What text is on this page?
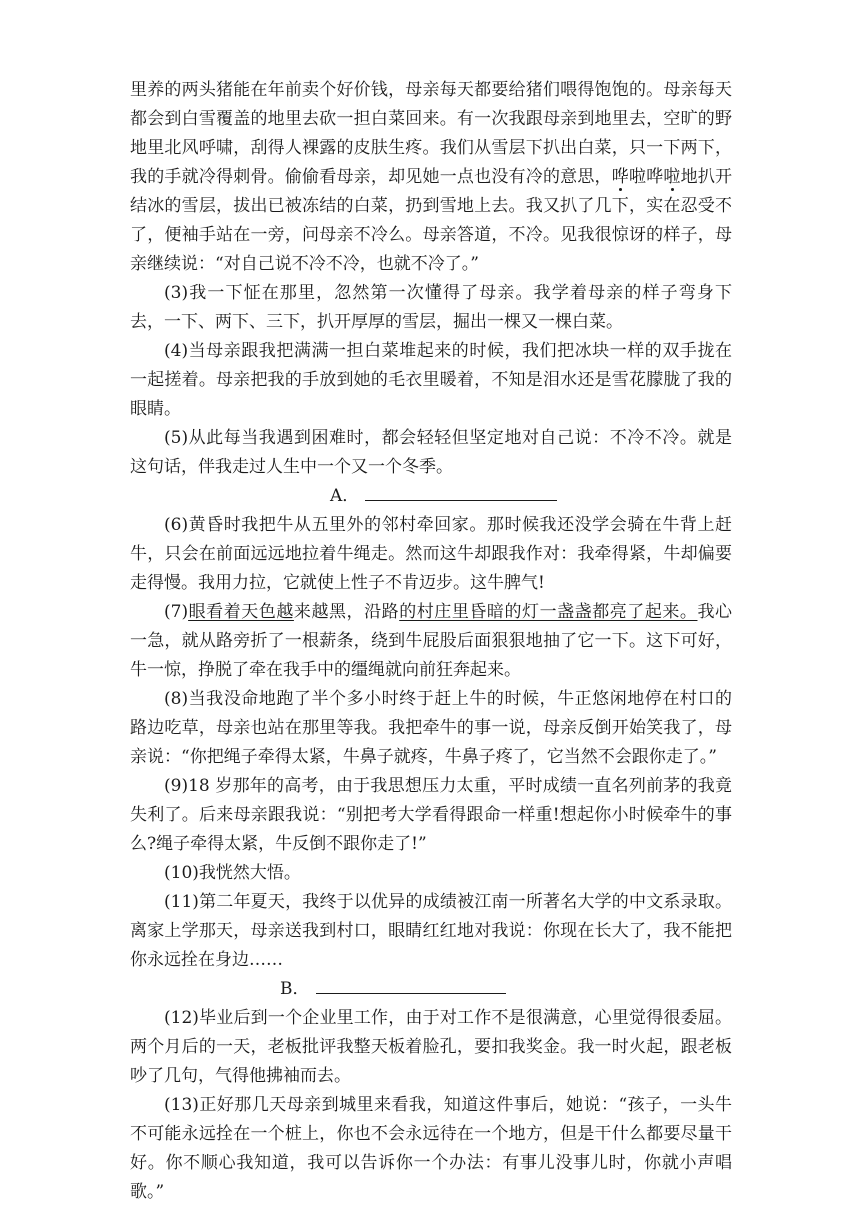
里养的两头猪能在年前卖个好价钱，母亲每天都要给猪们喂得饱饱的。母亲每天都会到白雪覆盖的地里去砍一担白菜回来。有一次我跟母亲到地里去，空旷的野地里北风呼啸，刮得人裸露的皮肤生疼。我们从雪层下扒出白菜，只一下两下，我的手就冷得刺骨。偷偷看母亲，却见她一点也没有冷的意思，哗啦哗啦地扒开结冰的雪层，拔出已被冻结的白菜，扔到雪地上去。我又扒了几下，实在忍受不了，便袖手站在一旁，问母亲不冷么。母亲答道，不冷。见我很惊讶的样子，母亲继续说：“对自己说不冷不冷，也就不冷了。”

(3)我一下怔在那里，忽然第一次懂得了母亲。我学着母亲的样子弯身下去，一下、两下、三下，扒开厚厚的雪层，掘出一棵又一棵白菜。

(4)当母亲跟我把满满一担白菜堆起来的时候，我们把冰块一样的双手拢在一起搓着。母亲把我的手放到她的毛衣里暖着，不知是泪水还是雪花朦胧了我的眼睛。

(5)从此每当我遇到困难时，都会轻轻但坚定地对自己说：不冷不冷。就是这句话，伴我走过人生中一个又一个冬季。

A．

(6)黄昏时我把牛从五里外的邻村牵回家。那时候我还没学会骑在牛背上赶牛，只会在前面远远地拉着牛绳走。然而这牛却跟我作对：我牵得紧，牛却偏要走得慢。我用力拉，它就使上性子不肯迈步。这牛脾气!

(7)眼看着天色越来越黑，沿路的村庄里昏暗的灯一盏盏都亮了起来。我心一急，就从路旁折了一根薪条，绕到牛屁股后面狠狠地抽了它一下。这下可好，牛一惊，挣脱了牵在我手中的缰绳就向前狂奔起来。

(8)当我没命地跑了半个多小时终于赶上牛的时候，牛正悠闲地停在村口的路边吃草，母亲也站在那里等我。我把牵牛的事一说，母亲反倒开始笑我了，母亲说：“你把绳子牵得太紧，牛鼻子就疼，牛鼻子疼了，它当然不会跟你走了。”

(9)18 岁那年的高考，由于我思想压力太重，平时成绩一直名列前茅的我竟失利了。后来母亲跟我说：“别把考大学看得跟命一样重!想起你小时候牵牛的事么?绳子牵得太紧，牛反倒不跟你走了!”

(10)我恍然大悟。

(11)第二年夏天，我终于以优异的成绩被江南一所著名大学的中文系录取。离家上学那天，母亲送我到村口，眼睛红红地对我说：你现在长大了，我不能把你永远拴在身边……

B．

(12)毕业后到一个企业里工作，由于对工作不是很满意，心里觉得很委屈。两个月后的一天，老板批评我整天板着脸孔，要扣我奖金。我一时火起，跟老板吵了几句，气得他拂袖而去。

(13)正好那几天母亲到城里来看我，知道这件事后，她说：“孩子，一头牛不可能永远拴在一个桩上，你也不会永远待在一个地方，但是干什么都要尽量干好。你不顺心我知道，我可以告诉你一个办法：有事儿没事儿时，你就小声唱歌。”
